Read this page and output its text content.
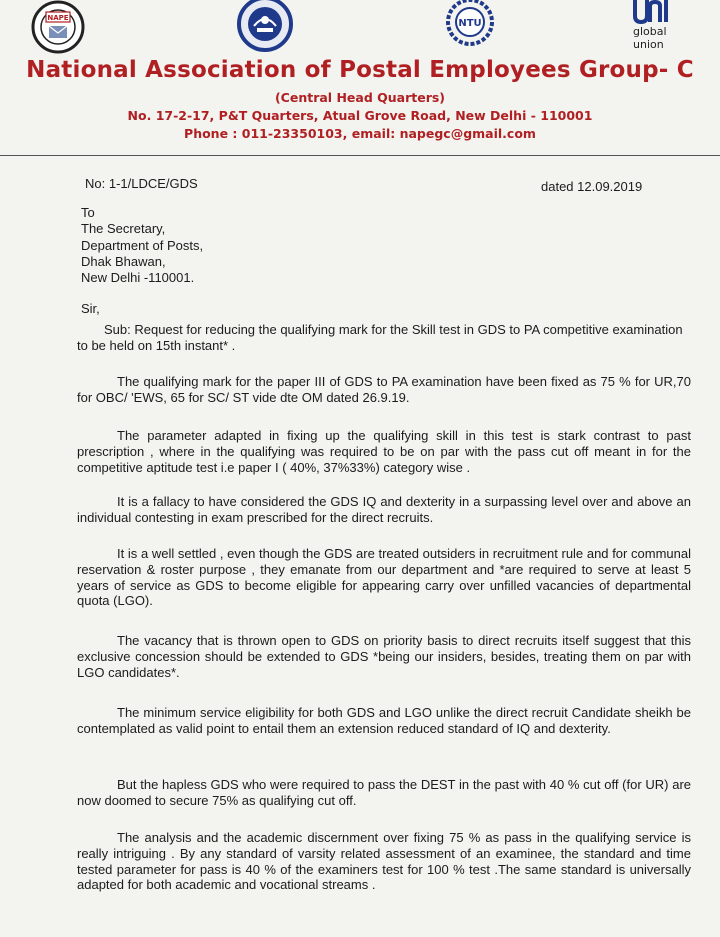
NAPE	NTU
global
union
National Association of Postal Employees Group- C
(Central Head Quarters)
No. 17-2-17, P&T Quarters, Atual Grove Road, New Delhi - 110001
Phone : 011-23350103, email: napegc@gmail.com
No: 1-1/LDCE/GDS	dated 12.09.2019
To
The Secretary,
Department of Posts,
Dhak Bhawan,
New Delhi -110001.
Sir,
Sub: Request for reducing the qualifying mark for the Skill test in GDS to PA competitive examination to be held on 15th instant* .
The qualifying mark for the paper III of GDS to PA examination have been fixed as 75 % for UR,70 for OBC/ 'EWS, 65 for SC/ ST vide dte OM dated 26.9.19.
The parameter adapted in fixing up the qualifying skill in this test is stark contrast to past prescription , where in the qualifying was required to be on par with the pass cut off meant in for the competitive aptitude test i.e paper I ( 40%, 37%33%) category wise .
It is a fallacy to have considered the GDS IQ and dexterity in a surpassing level over and above an individual contesting in exam prescribed for the direct recruits.
It is a well settled , even though the GDS are treated outsiders in recruitment rule and for communal reservation & roster purpose , they emanate from our department and *are required to serve at least 5 years of service as GDS to become eligible for appearing carry over unfilled vacancies of departmental quota (LGO).
The vacancy that is thrown open to GDS on priority basis to direct recruits itself suggest that this exclusive concession should be extended to GDS *being our insiders, besides, treating them on par with LGO candidates*.
The minimum service eligibility for both GDS and LGO unlike the direct recruit Candidate sheikh be contemplated as valid point to entail them an extension reduced standard of IQ and dexterity.
But the hapless GDS who were required to pass the DEST in the past with 40 % cut off (for UR) are now doomed to secure 75% as qualifying cut off.
The analysis and the academic discernment over fixing 75 % as pass in the qualifying service is really intriguing . By any standard of varsity related assessment of an examinee, the standard and time tested parameter for pass is 40 % of the examiners test for 100 % test .The same standard is universally adapted for both academic and vocational streams .
